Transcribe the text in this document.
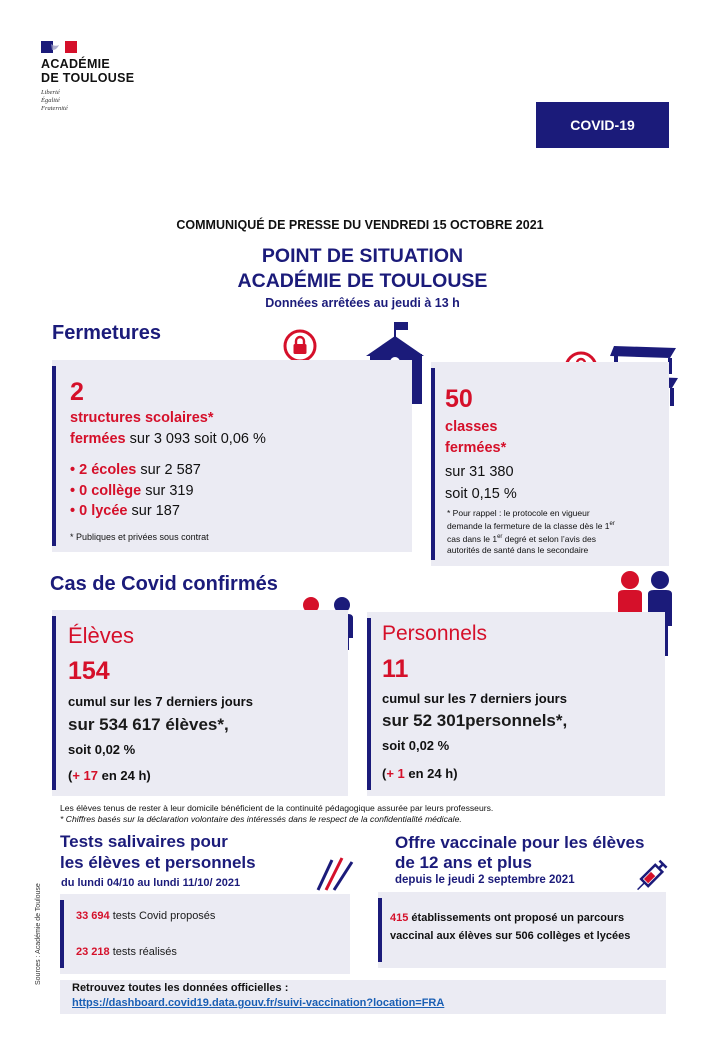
ACADÉMIE
DE TOULOUSE
Liberté
Égalité
Fraternité
COVID-19
COMMUNIQUÉ DE PRESSE DU VENDREDI 15 OCTOBRE 2021
POINT DE SITUATION
ACADÉMIE DE TOULOUSE
Données arrêtées au jeudi à 13 h
Fermetures
2
structures scolaires*
fermées sur 3 093 soit 0,06 %
• 2 écoles sur 2 587
• 0 collège sur 319
• 0 lycée sur 187
* Publiques et privées sous contrat
50
classes
fermées*
sur 31 380
soit 0,15 %
* Pour rappel : le protocole en vigueur
demande la fermeture de la classe dès le 1er
cas dans le 1er degré et selon l’avis des
autorités de santé dans le secondaire
Cas de Covid confirmés
Élèves
154
cumul sur les 7 derniers jours
sur 534 617 élèves*,
soit 0,02 %
(+ 17 en 24 h)
Personnels
11
cumul sur les 7 derniers jours
sur 52 301personnels*,
soit 0,02 %
(+ 1 en 24 h)
Les élèves tenus de rester à leur domicile bénéficient de la continuité pédagogique assurée par leurs professeurs.
* Chiffres basés sur la déclaration volontaire des intéressés dans le respect de la confidentialité médicale.
Tests salivaires pour
les élèves et personnels
du lundi 04/10 au lundi 11/10/ 2021
33 694 tests Covid proposés
23 218 tests réalisés
Sources : Académie de Toulouse
Offre vaccinale pour les élèves
de 12 ans et plus
depuis le jeudi 2 septembre 2021
415 établissements ont proposé un parcours
vaccinal aux élèves sur 506 collèges et lycées
Retrouvez toutes les données officielles :
https://dashboard.covid19.data.gouv.fr/suivi-vaccination?location=FRA
